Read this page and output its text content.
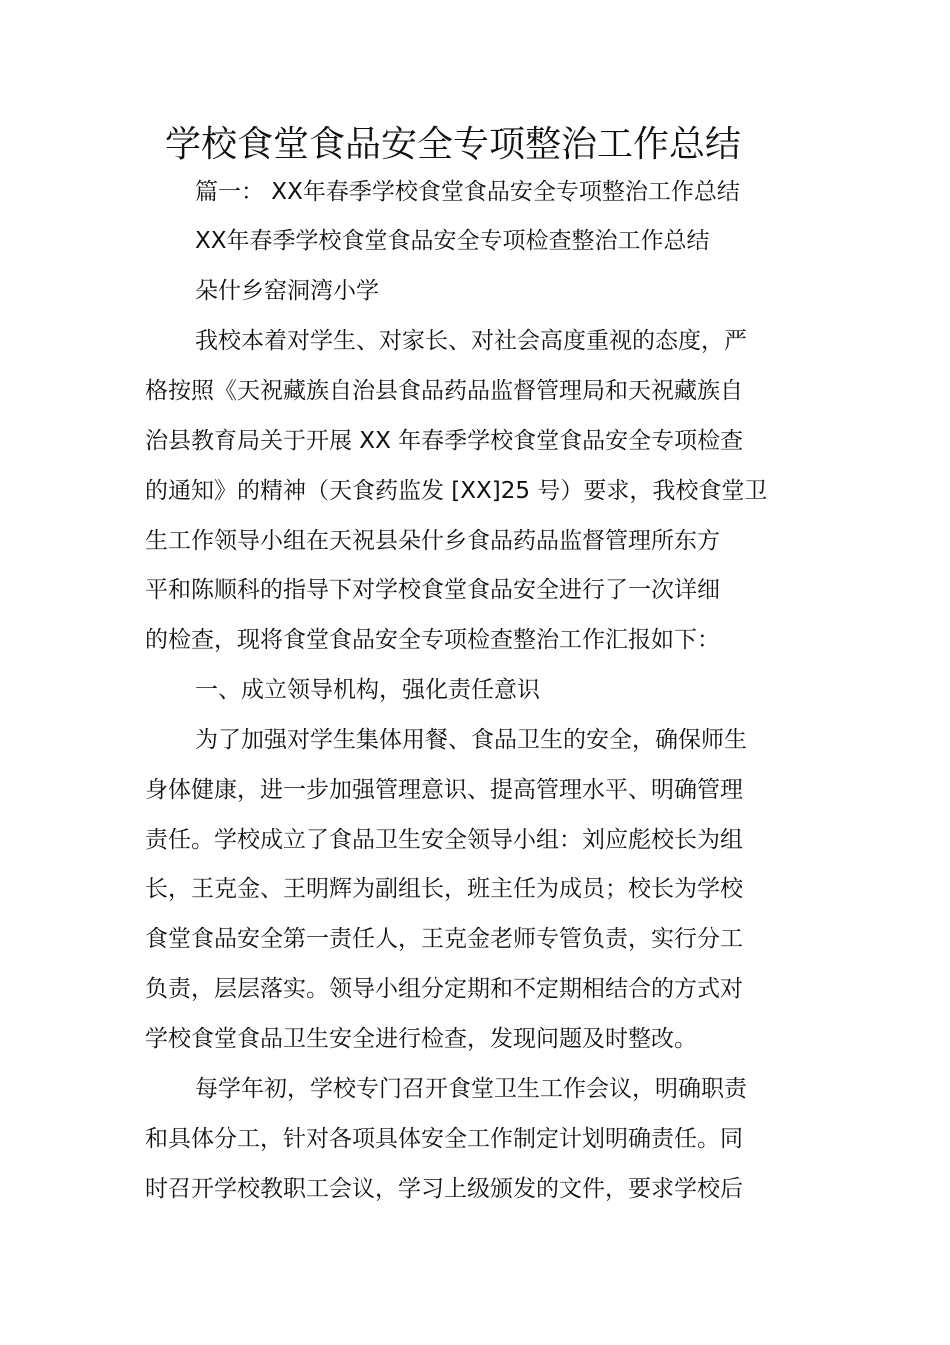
学校食堂食品安全专项整治工作总结

篇一： XX年春季学校食堂食品安全专项整治工作总结

XX年春季学校食堂食品安全专项检查整治工作总结

朵什乡窑洞湾小学

我校本着对学生、对家长、对社会高度重视的态度，严

格按照《天祝藏族自治县食品药品监督管理局和天祝藏族自

治县教育局关于开展 XX 年春季学校食堂食品安全专项检查

的通知》的精神（天食药监发 [XX]25 号）要求，我校食堂卫

生工作领导小组在天祝县朵什乡食品药品监督管理所东方

平和陈顺科的指导下对学校食堂食品安全进行了一次详细

的检查，现将食堂食品安全专项检查整治工作汇报如下：

一、成立领导机构，强化责任意识

为了加强对学生集体用餐、食品卫生的安全，确保师生

身体健康，进一步加强管理意识、提高管理水平、明确管理

责任。学校成立了食品卫生安全领导小组：刘应彪校长为组

长，王克金、王明辉为副组长，班主任为成员；校长为学校

食堂食品安全第一责任人，王克金老师专管负责，实行分工

负责，层层落实。领导小组分定期和不定期相结合的方式对

学校食堂食品卫生安全进行检查，发现问题及时整改。

每学年初，学校专门召开食堂卫生工作会议，明确职责

和具体分工，针对各项具体安全工作制定计划明确责任。同

时召开学校教职工会议，学习上级颁发的文件，要求学校后
